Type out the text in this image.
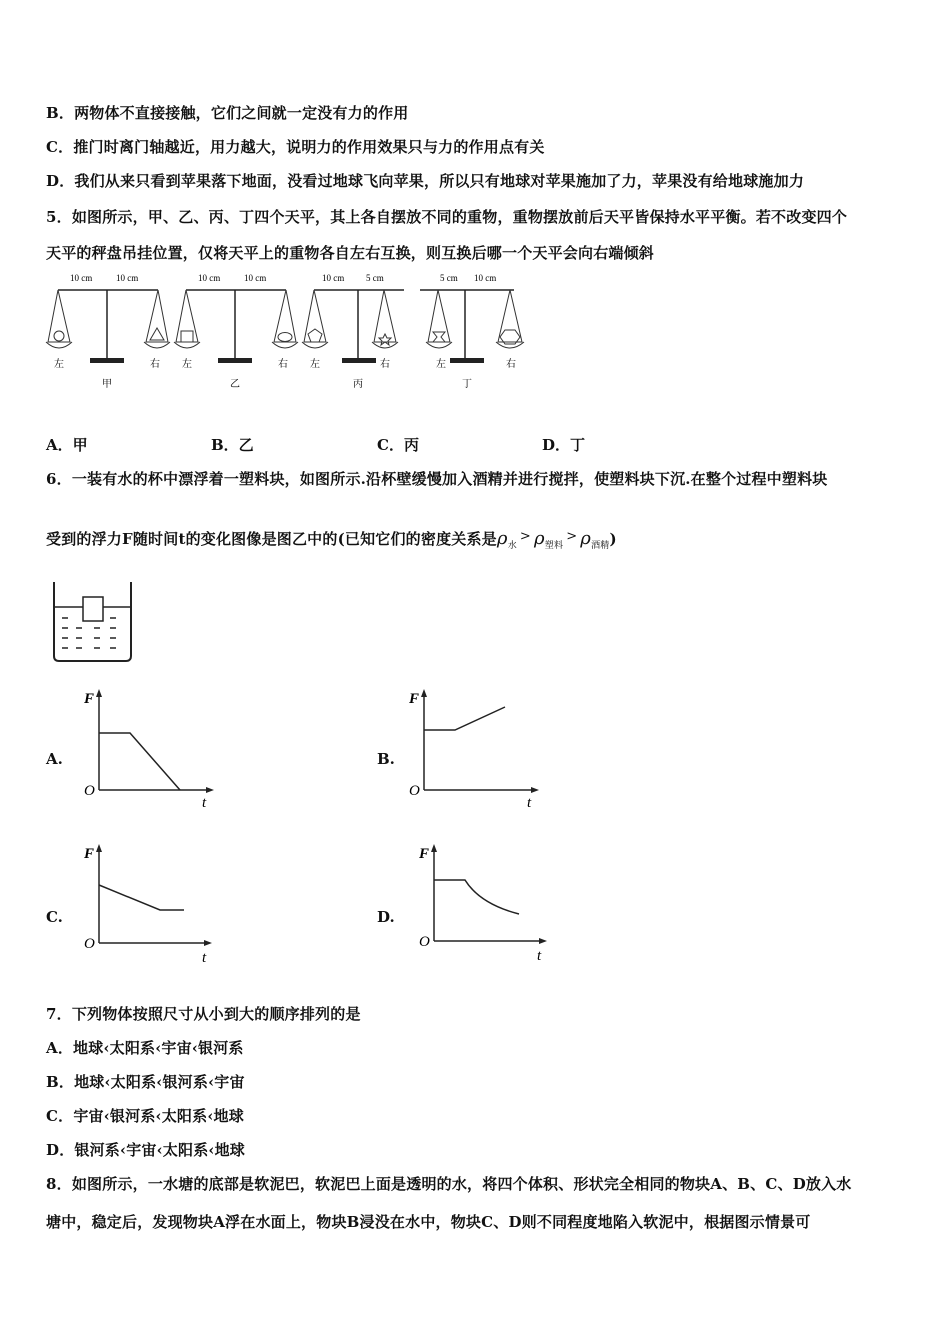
B．两物体不直接接触，它们之间就一定没有力的作用
C．推门时离门轴越近，用力越大，说明力的作用效果只与力的作用点有关
D．我们从来只看到苹果落下地面，没看过地球飞向苹果，所以只有地球对苹果施加了力，苹果没有给地球施加力
5．如图所示，甲、乙、丙、丁四个天平，其上各自摆放不同的重物，重物摆放前后天平皆保持水平平衡。若不改变四个
天平的秤盘吊挂位置，仅将天平上的重物各自左右互换，则互换后哪一个天平会向右端倾斜
10 cm	10 cm
左	右
甲
10 cm	10 cm
左	右
乙
10 cm 5 cm
左	右
丙
5 cm 10 cm
左	右
丁
A．甲	B．乙	C．丙	D．丁
6．一装有水的杯中漂浮着一塑料块，如图所示.沿杯壁缓慢加入酒精并进行搅拌，使塑料块下沉.在整个过程中塑料块
受到的浮力F随时间t的变化图像是图乙中的(已知它们的密度关系是$\rho_水> \rho_{塑料}> \rho_{酒精}$)
A.
F
O
t
B.
F
O
t
C.
F
O
t
D.
F
O
t
7．下列物体按照尺寸从小到大的顺序排列的是
A．地球‹太阳系‹宇宙‹银河系
B．地球‹太阳系‹银河系‹宇宙
C．宇宙‹银河系‹太阳系‹地球
D．银河系‹宇宙‹太阳系‹地球
8．如图所示，一水塘的底部是软泥巴，软泥巴上面是透明的水，将四个体积、形状完全相同的物块A、B、C、D放入水
塘中，稳定后，发现物块A浮在水面上，物块B浸没在水中，物块C、D则不同程度地陷入软泥中，根据图示情景可
